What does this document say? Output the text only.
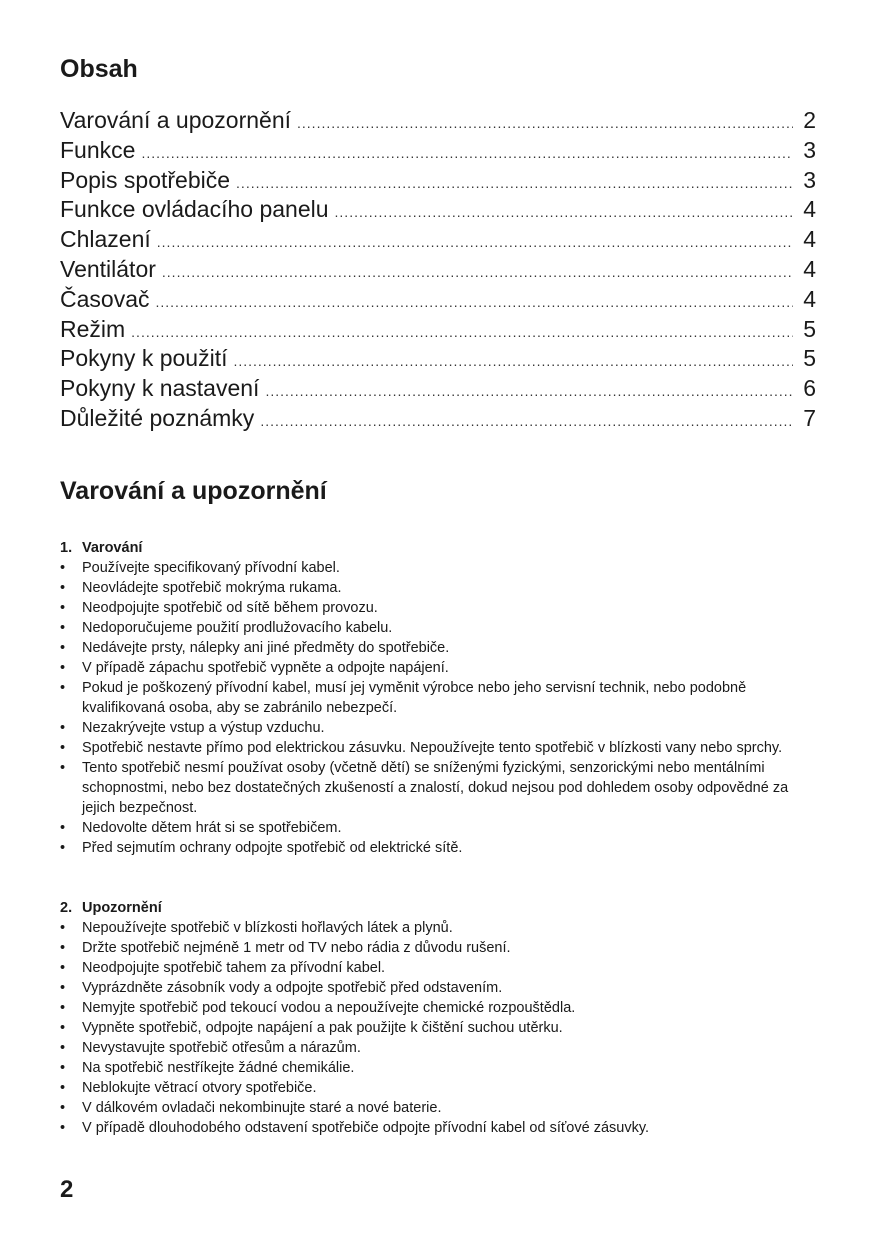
Obsah
Varování a upozornění .....	2
Funkce .....	3
Popis spotřebiče .....	3
Funkce ovládacího panelu .....	4
Chlazení .....	4
Ventilátor .....	4
Časovač .....	4
Režim .....	5
Pokyny k použití .....	5
Pokyny k nastavení .....	6
Důležité poznámky .....	7
Varování a upozornění

1. Varování

• Používejte specifikovaný přívodní kabel.
• Neovládejte spotřebič mokrýma rukama.
• Neodpojujte spotřebič od sítě během provozu.
• Nedoporučujeme použití prodlužovacího kabelu.
• Nedávejte prsty, nálepky ani jiné předměty do spotřebiče.
• V případě zápachu spotřebič vypněte a odpojte napájení.
• Pokud je poškozený přívodní kabel, musí jej vyměnit výrobce nebo jeho servisní technik, nebo podobně kvalifikovaná osoba, aby se zabránilo nebezpečí.
• Nezakrývejte vstup a výstup vzduchu.
• Spotřebič nestavte přímo pod elektrickou zásuvku. Nepoužívejte tento spotřebič v blízkosti vany nebo sprchy.
• Tento spotřebič nesmí používat osoby (včetně dětí) se sníženými fyzickými, senzorickými nebo mentálními schopnostmi, nebo bez dostatečných zkušeností a znalostí, dokud nejsou pod dohledem osoby odpovědné za jejich bezpečnost.
• Nedovolte dětem hrát si se spotřebičem.
• Před sejmutím ochrany odpojte spotřebič od elektrické sítě.

2. Upozornění

• Nepoužívejte spotřebič v blízkosti hořlavých látek a plynů.
• Držte spotřebič nejméně 1 metr od TV nebo rádia z důvodu rušení.
• Neodpojujte spotřebič tahem za přívodní kabel.
• Vyprázdněte zásobník vody a odpojte spotřebič před odstavením.
• Nemyjte spotřebič pod tekoucí vodou a nepoužívejte chemické rozpouštědla.
• Vypněte spotřebič, odpojte napájení a pak použijte k čištění suchou utěrku.
• Nevystavujte spotřebič otřesům a nárazům.
• Na spotřebič nestříkejte žádné chemikálie.
• Neblokujte větrací otvory spotřebiče.
• V dálkovém ovladači nekombinujte staré a nové baterie.
• V případě dlouhodobého odstavení spotřebiče odpojte přívodní kabel od síťové zásuvky.
2
